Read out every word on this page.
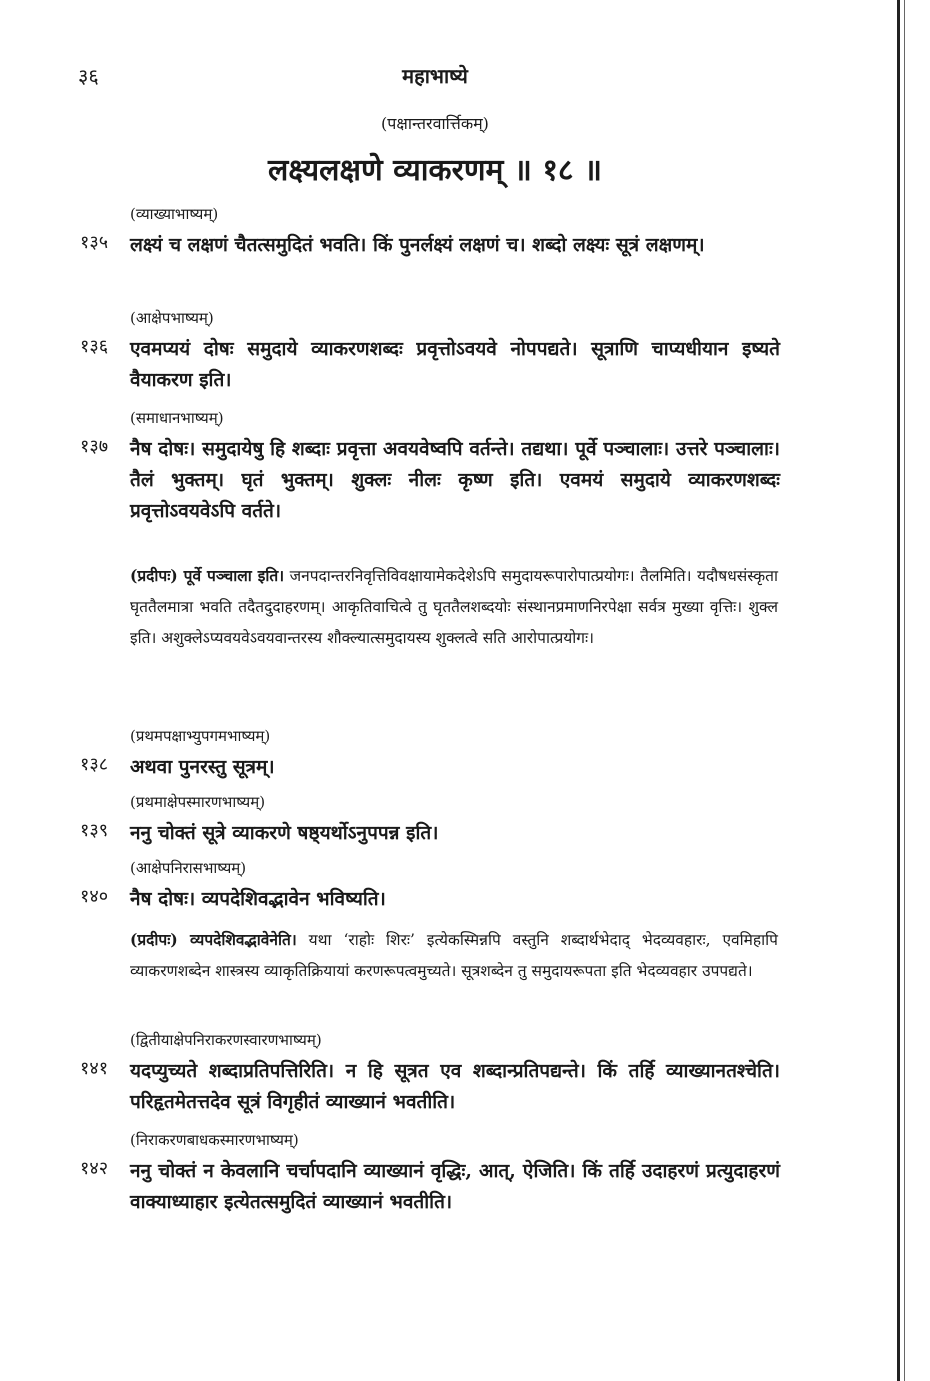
३६	महाभाष्ये
(पक्षान्तरवार्त्तिकम्)
लक्ष्यलक्षणे व्याकरणम् ॥ १८ ॥
(व्याख्याभाष्यम्)
१३५	लक्ष्यं च लक्षणं चैतत्समुदितं भवति। किं पुनर्लक्ष्यं लक्षणं च। शब्दो लक्ष्यः सूत्रं लक्षणम्।
(आक्षेपभाष्यम्)
१३६	एवमप्ययं दोषः समुदाये व्याकरणशब्दः प्रवृत्तोऽवयवे नोपपद्यते। सूत्राणि चाप्यधीयान इष्यते वैयाकरण इति।
(समाधानभाष्यम्)
१३७	नैष दोषः। समुदायेषु हि शब्दाः प्रवृत्ता अवयवेष्वपि वर्तन्ते। तद्यथा। पूर्वे पञ्चालाः। उत्तरे पञ्चालाः। तैलं भुक्तम्। घृतं भुक्तम्। शुक्लः नीलः कृष्ण इति। एवमयं समुदाये व्याकरणशब्दः प्रवृत्तोऽवयवेऽपि वर्तते।
(प्रदीपः) पूर्वे पञ्चाला इति। जनपदान्तरनिवृत्तिविवक्षायामेकदेशेऽपि समुदायरूपारोपात्प्रयोगः। तैलमिति। यदौषधसंस्कृता घृततैलमात्रा भवति तदैतदुदाहरणम्। आकृतिवाचित्वे तु घृततैलशब्दयोः संस्थानप्रमाणनिरपेक्षा सर्वत्र मुख्या वृत्तिः। शुक्ल इति। अशुक्लेऽप्यवयवेऽवयवान्तरस्य शौक्ल्यात्समुदायस्य शुक्लत्वे सति आरोपात्प्रयोगः।
(प्रथमपक्षाभ्युपगमभाष्यम्)
१३८	अथवा पुनरस्तु सूत्रम्।
(प्रथमाक्षेपस्मारणभाष्यम्)
१३९	ननु चोक्तं सूत्रे व्याकरणे षष्ठ्यर्थोऽनुपपन्न इति।
(आक्षेपनिरासभाष्यम्)
१४०	नैष दोषः। व्यपदेशिवद्भावेन भविष्यति।
(प्रदीपः) व्यपदेशिवद्भावेनेति। यथा ‘राहोः शिरः’ इत्येकस्मिन्नपि वस्तुनि शब्दार्थभेदाद् भेदव्यवहारः, एवमिहापि व्याकरणशब्देन शास्त्रस्य व्याकृतिक्रियायां करणरूपत्वमुच्यते। सूत्रशब्देन तु समुदायरूपता इति भेदव्यवहार उपपद्यते।
(द्वितीयाक्षेपनिराकरणस्वारणभाष्यम्)
१४१	यदप्युच्यते शब्दाप्रतिपत्तिरिति। न हि सूत्रत एव शब्दान्प्रतिपद्यन्ते। किं तर्हि व्याख्यानतश्चेति। परिहृतमेतत्तदेव सूत्रं विगृहीतं व्याख्यानं भवतीति।
(निराकरणबाधकस्मारणभाष्यम्)
१४२	ननु चोक्तं न केवलानि चर्चापदानि व्याख्यानं वृद्धिः, आत्, ऐजिति। किं तर्हि उदाहरणं प्रत्युदाहरणं वाक्याध्याहार इत्येतत्समुदितं व्याख्यानं भवतीति।
